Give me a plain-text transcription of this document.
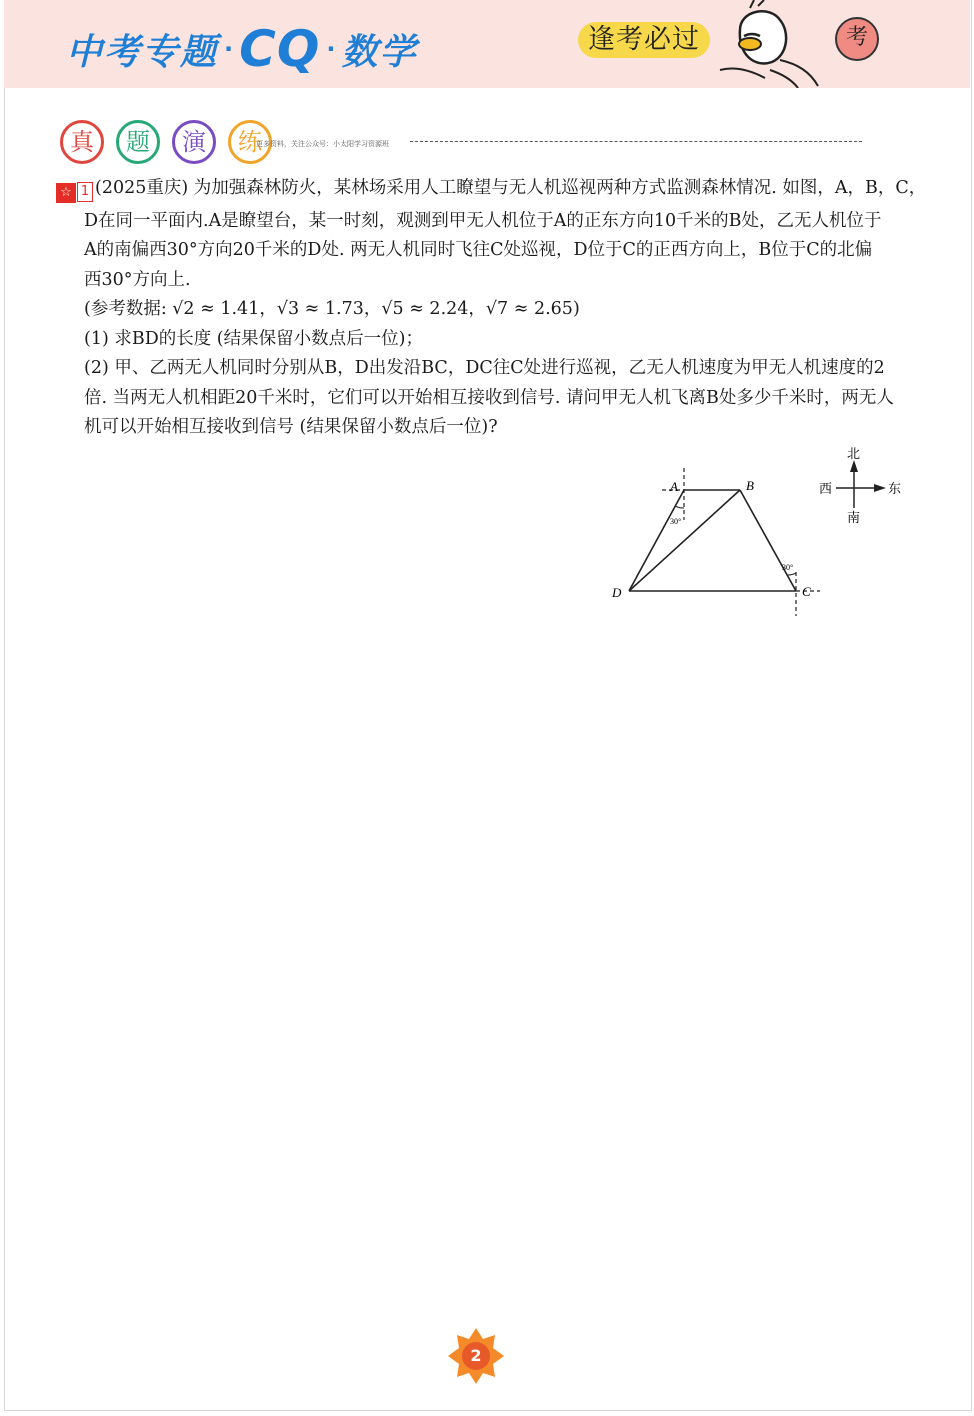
中考专题 · CQ · 数学	逢考必过	考
真	题	演	练
更多资料，关注公众号：小太阳学习资源班
☆ 1 (2025重庆) 为加强森林防火，某林场采用人工瞭望与无人机巡视两种方式监测森林情况. 如图，A，B，C，
D在同一平面内.A是瞭望台，某一时刻，观测到甲无人机位于A的正东方向10千米的B处，乙无人机位于
A的南偏西30°方向20千米的D处. 两无人机同时飞往C处巡视，D位于C的正西方向上，B位于C的北偏
西30°方向上.
(参考数据: √2 ≈ 1.41，√3 ≈ 1.73，√5 ≈ 2.24，√7 ≈ 2.65)
(1) 求BD的长度 (结果保留小数点后一位)；
(2) 甲、乙两无人机同时分别从B，D出发沿BC，DC往C处进行巡视，乙无人机速度为甲无人机速度的2
倍. 当两无人机相距20千米时，它们可以开始相互接收到信号. 请问甲无人机飞离B处多少千米时，两无人
机可以开始相互接收到信号 (结果保留小数点后一位)?
A	B
C
D
30°
30°
北
南
西	东
2
